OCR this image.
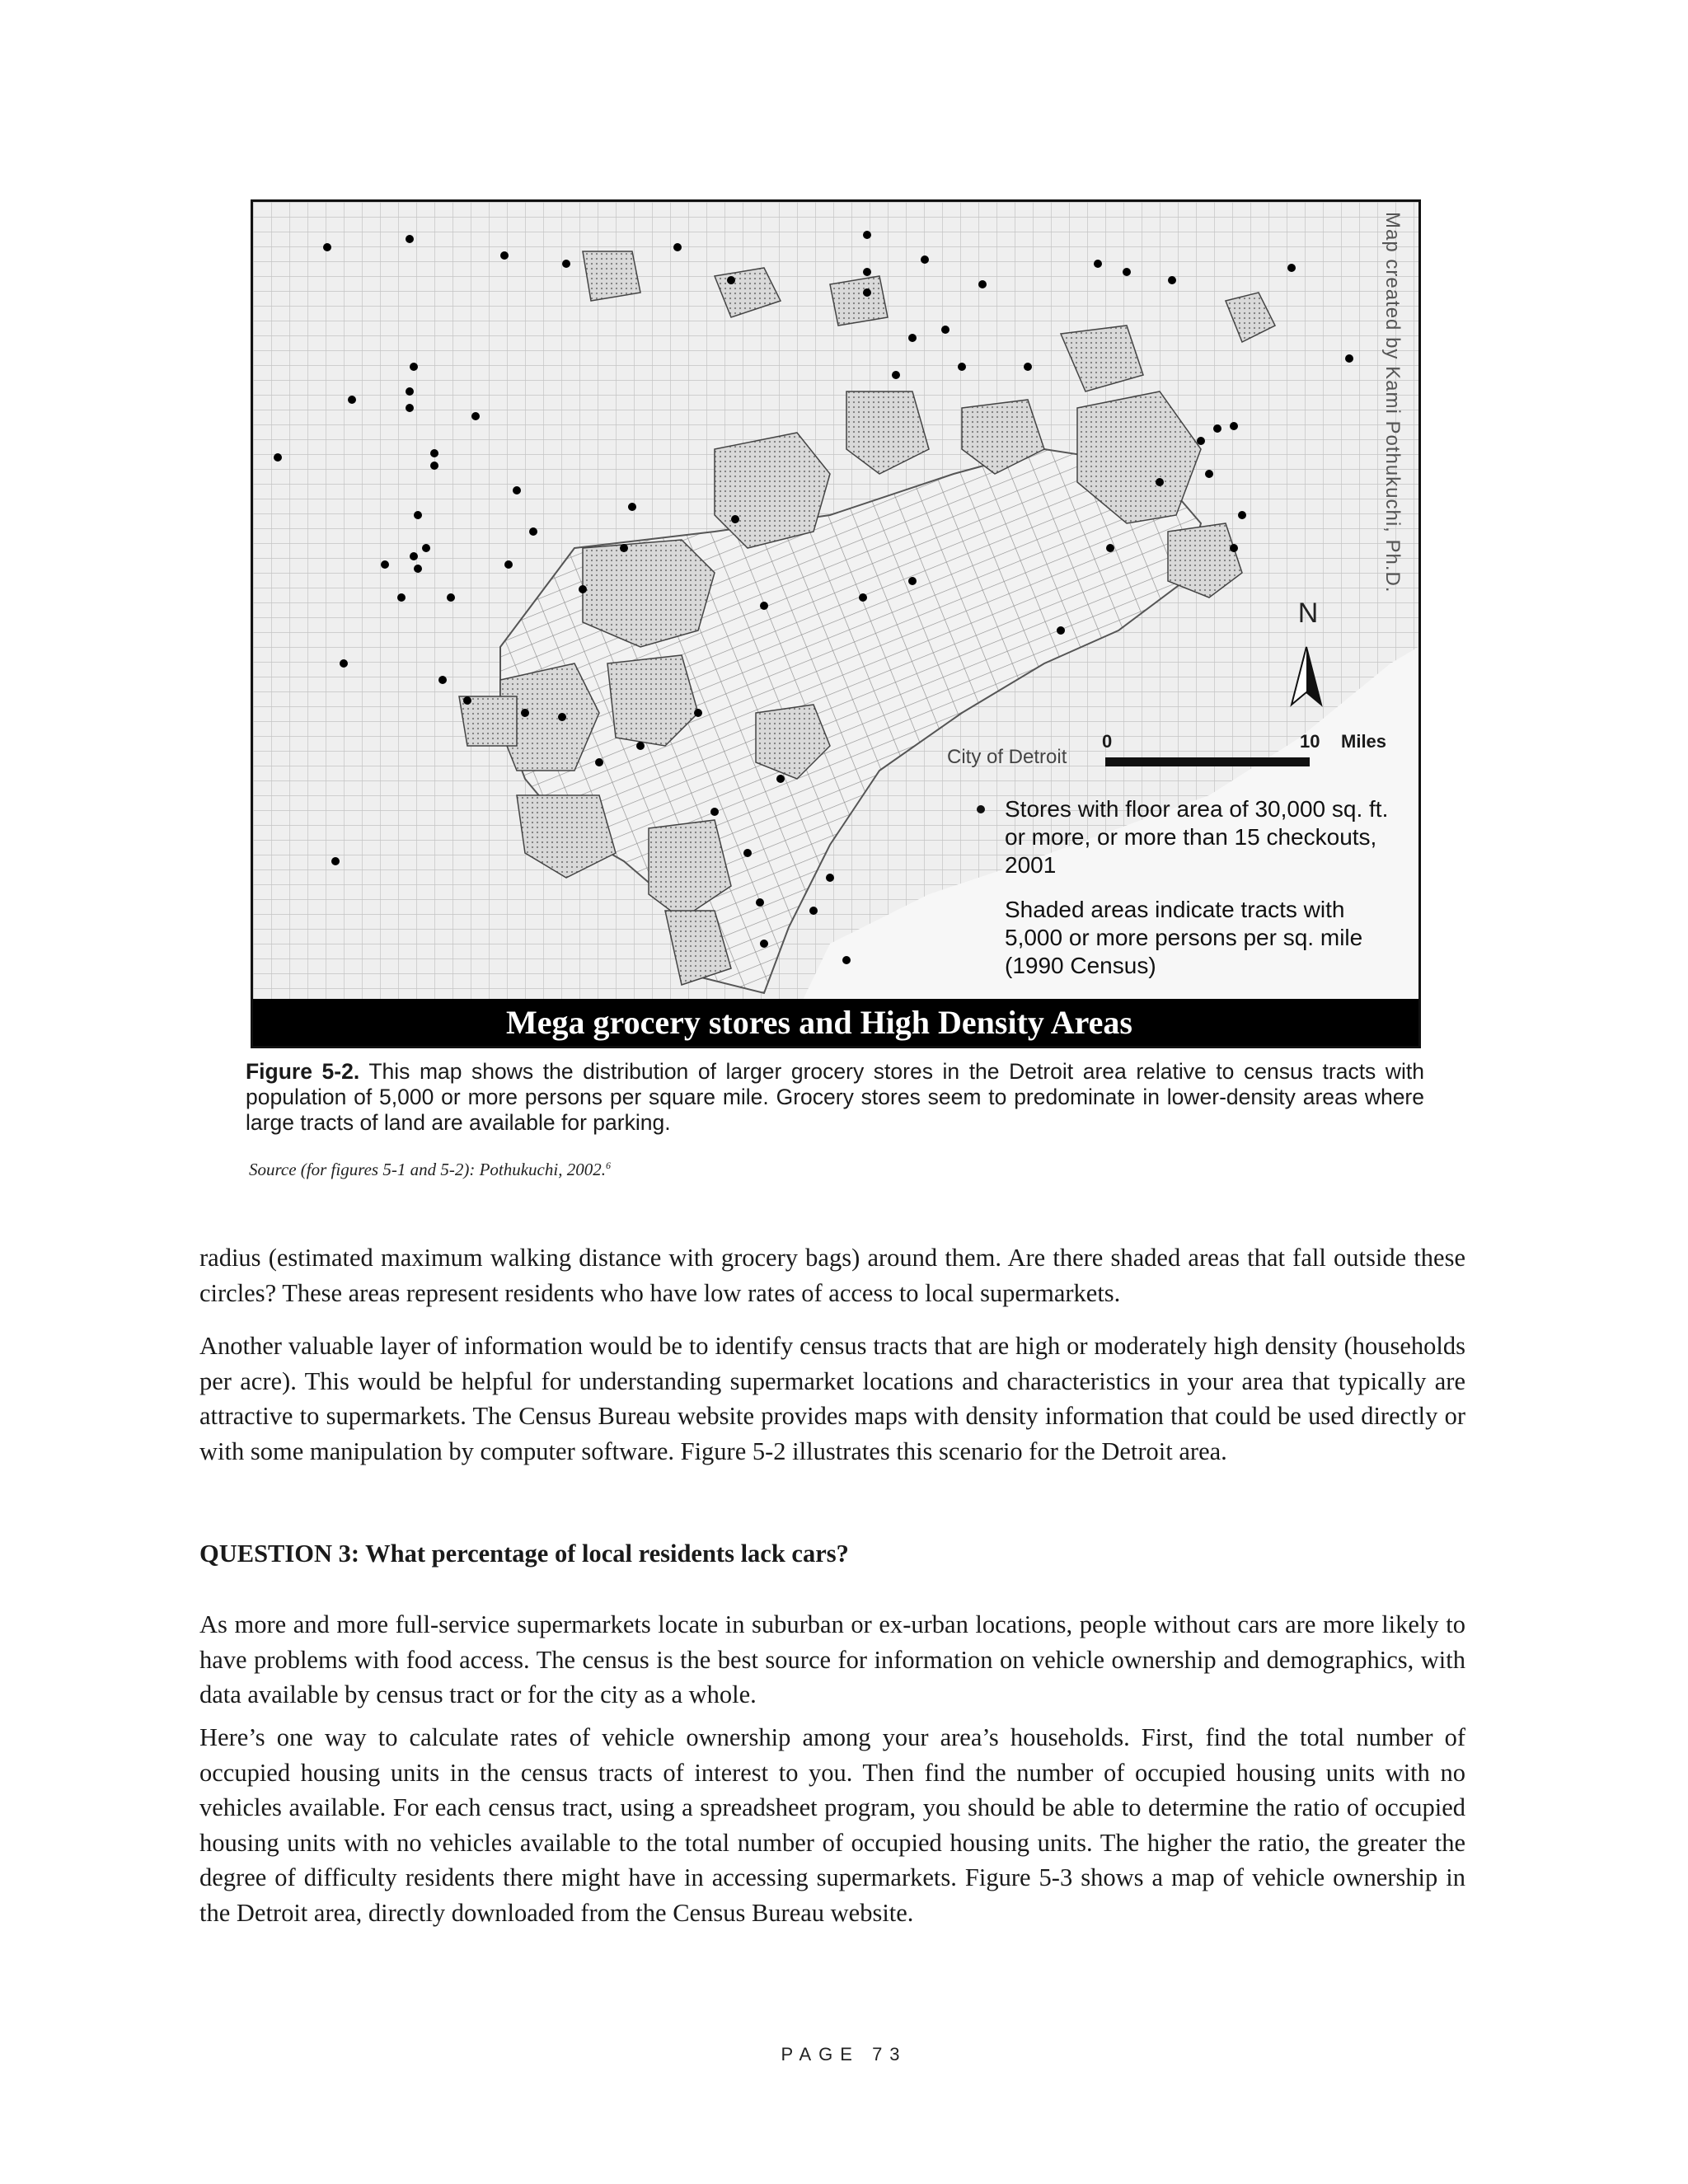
Map created by Kami Pothukuchi, Ph.D.
N
0	10 Miles
City of Detroit
Stores with floor area of 30,000 sq. ft. or more, or more than 15 checkouts, 2001
Shaded areas indicate tracts with 5,000 or more persons per sq. mile (1990 Census)
Mega grocery stores and High Density Areas
Figure 5-2. This map shows the distribution of larger grocery stores in the Detroit area relative to census tracts with population of 5,000 or more persons per square mile. Grocery stores seem to predominate in lower-density areas where large tracts of land are available for parking.
Source (for figures 5-1 and 5-2): Pothukuchi, 2002.$^6$

radius (estimated maximum walking distance with grocery bags) around them. Are there shaded areas that fall outside these circles? These areas represent residents who have low rates of access to local supermarkets.

Another valuable layer of information would be to identify census tracts that are high or moderately high density (households per acre). This would be helpful for understanding supermarket locations and characteristics in your area that typically are attractive to supermarkets. The Census Bureau website provides maps with density information that could be used directly or with some manipulation by computer software. Figure 5-2 illustrates this scenario for the Detroit area.

QUESTION 3: What percentage of local residents lack cars?

As more and more full-service supermarkets locate in suburban or ex-urban locations, people without cars are more likely to have problems with food access. The census is the best source for information on vehicle ownership and demographics, with data available by census tract or for the city as a whole.

Here’s one way to calculate rates of vehicle ownership among your area’s households. First, find the total number of occupied housing units in the census tracts of interest to you. Then find the number of occupied housing units with no vehicles available. For each census tract, using a spreadsheet program, you should be able to determine the ratio of occupied housing units with no vehicles available to the total number of occupied housing units. The higher the ratio, the greater the degree of difficulty residents there might have in accessing supermarkets. Figure 5-3 shows a map of vehicle ownership in the Detroit area, directly downloaded from the Census Bureau website.

PAGE 73
